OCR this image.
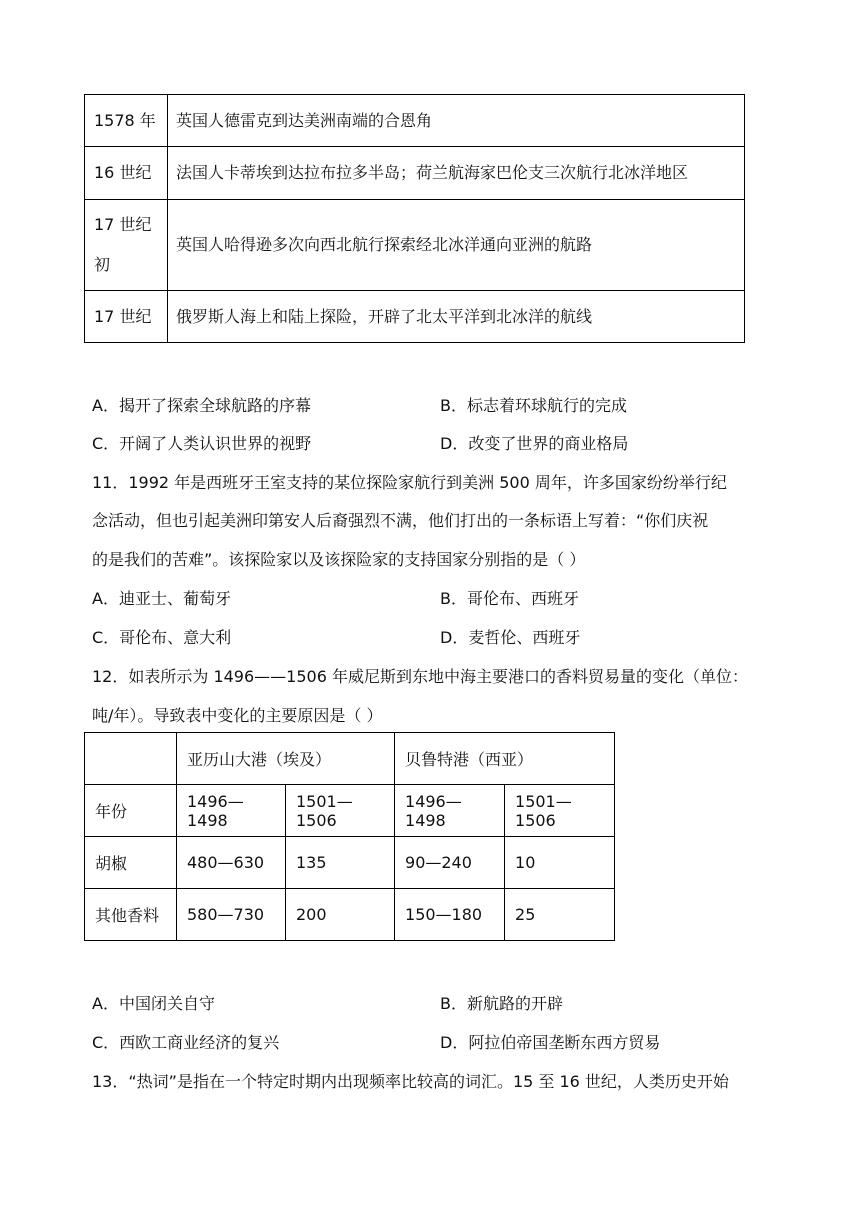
1578 年	英国人德雷克到达美洲南端的合恩角
16 世纪	法国人卡蒂埃到达拉布拉多半岛；荷兰航海家巴伦支三次航行北冰洋地区
17 世纪初	英国人哈得逊多次向西北航行探索经北冰洋通向亚洲的航路
17 世纪	俄罗斯人海上和陆上探险，开辟了北太平洋到北冰洋的航线
A．揭开了探索全球航路的序幕	B．标志着环球航行的完成
C．开阔了人类认识世界的视野	D．改变了世界的商业格局
11．1992 年是西班牙王室支持的某位探险家航行到美洲 500 周年，许多国家纷纷举行纪
念活动，但也引起美洲印第安人后裔强烈不满，他们打出的一条标语上写着：“你们庆祝
的是我们的苦难”。该探险家以及该探险家的支持国家分别指的是（ ）
A．迪亚士、葡萄牙	B．哥伦布、西班牙
C．哥伦布、意大利	D．麦哲伦、西班牙
12．如表所示为 1496——1506 年威尼斯到东地中海主要港口的香料贸易量的变化（单位：
吨/年）。导致表中变化的主要原因是（ ）
	亚历山大港（埃及）		贝鲁特港（西亚）	
年份	1496—1498	1501—1506	1496—1498	1501—1506
胡椒	480—630	135	90—240	10
其他香料	580—730	200	150—180	25
A．中国闭关自守	B．新航路的开辟
C．西欧工商业经济的复兴	D．阿拉伯帝国垄断东西方贸易
13．“热词”是指在一个特定时期内出现频率比较高的词汇。15 至 16 世纪，人类历史开始
